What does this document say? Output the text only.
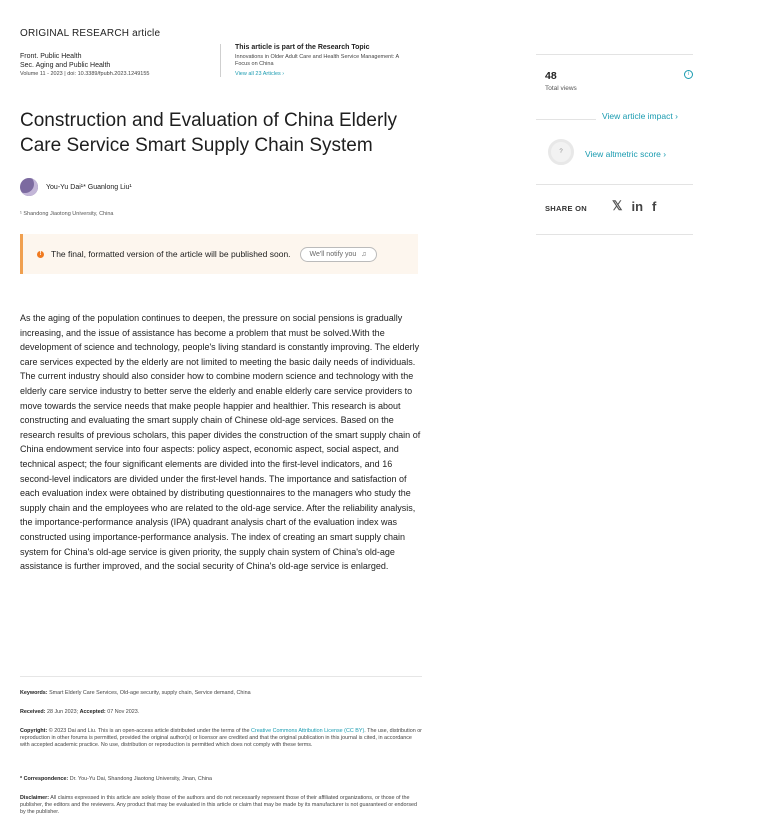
ORIGINAL RESEARCH article
Front. Public Health
Sec. Aging and Public Health
Volume 11 - 2023 | doi: 10.3389/fpubh.2023.1249155
This article is part of the Research Topic
Innovations in Older Adult Care and Health Service Management: A Focus on China
View all 23 Articles ›
Construction and Evaluation of China Elderly Care Service Smart Supply Chain System
You-Yu Dai¹* Guanlong Liu¹
¹ Shandong Jiaotong University, China
! The final, formatted version of the article will be published soon.	We'll notify you ♫

As the aging of the population continues to deepen, the pressure on social pensions is gradually increasing, and the issue of assistance has become a problem that must be solved.With the development of science and technology, people's living standard is constantly improving. The elderly care services expected by the elderly are not limited to meeting the basic daily needs of individuals. The current industry should also consider how to combine modern science and technology with the elderly care service industry to better serve the elderly and enable elderly care service providers to move towards the service needs that make people happier and healthier. This research is about constructing and evaluating the smart supply chain of Chinese old-age services. Based on the research results of previous scholars, this paper divides the construction of the smart supply chain of China endowment service into four aspects: policy aspect, economic aspect, social aspect, and technical aspect; the four significant elements are divided into the first-level indicators, and 16 second-level indicators are divided under the first-level hands. The importance and satisfaction of each evaluation index were obtained by distributing questionnaires to the managers who study the supply chain and the employees who are related to the old-age service. After the reliability analysis, the importance-performance analysis (IPA) quadrant analysis chart of the evaluation index was constructed using importance-performance analysis. The index of creating an smart supply chain system for China's old-age service is given priority, the supply chain system of China's old-age assistance is further improved, and the social security of China's old-age service is enlarged.

Keywords: Smart Elderly Care Services, Old-age security, supply chain, Service demand, China
Received: 28 Jun 2023; Accepted: 07 Nov 2023.
Copyright: © 2023 Dai and Liu. This is an open-access article distributed under the terms of the Creative Commons Attribution License (CC BY). The use, distribution or reproduction in other forums is permitted, provided the original author(s) or licensor are credited and that the original publication in this journal is cited, in accordance with accepted academic practice. No use, distribution or reproduction is permitted which does not comply with these terms.
* Correspondence: Dr. You-Yu Dai, Shandong Jiaotong University, Jinan, China
Disclaimer: All claims expressed in this article are solely those of the authors and do not necessarily represent those of their affiliated organizations, or those of the publisher, the editors and the reviewers. Any product that may be evaluated in this article or claim that may be made by its manufacturer is not guaranteed or endorsed by the publisher.
48
Total views
i
View article impact ›
?	View altmetric score ›
SHARE ON 𝕏 in f
